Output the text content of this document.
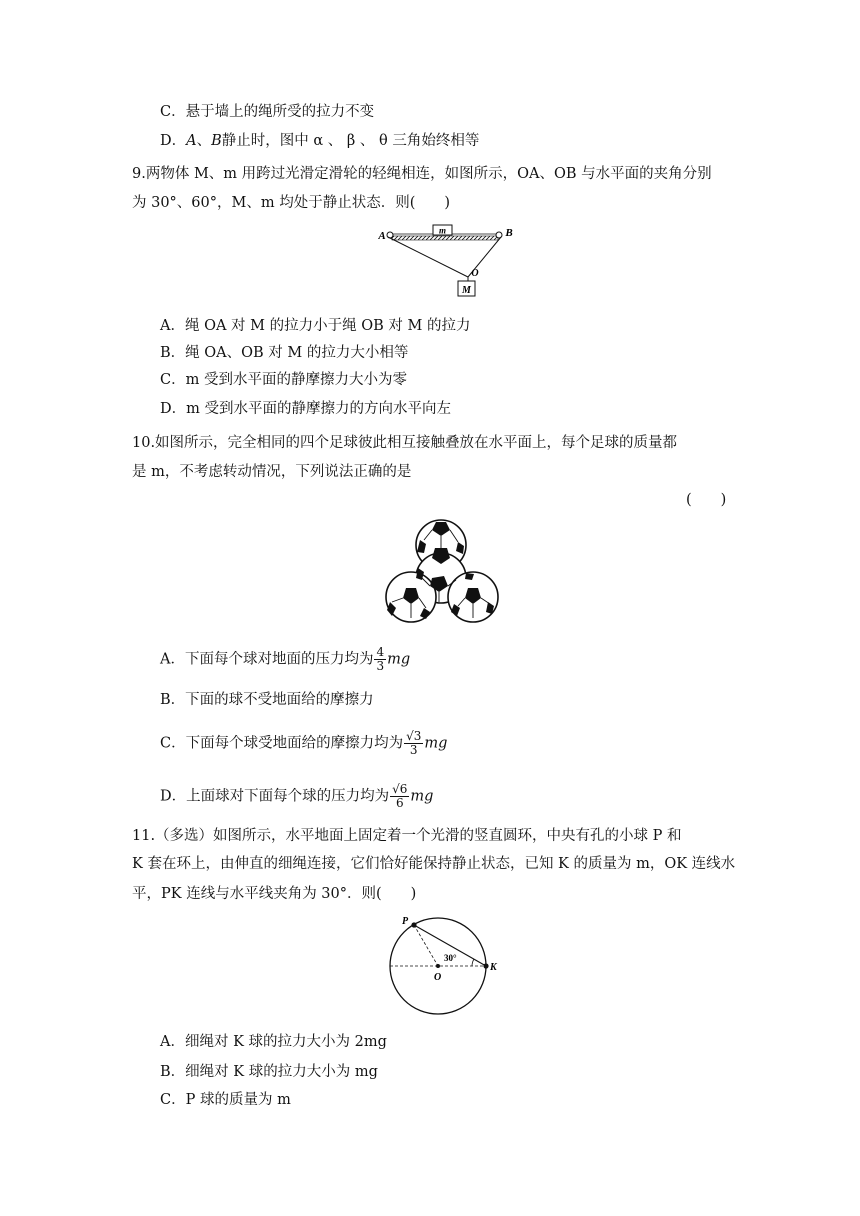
C．悬于墙上的绳所受的拉力不变
D．A、B静止时，图中 α 、 β 、 θ 三角始终相等
9.两物体 M、m 用跨过光滑定滑轮的轻绳相连，如图所示，OA、OB 与水平面的夹角分别
为 30°、60°，M、m 均处于静止状态．则(　　)
m
M
A	B
O
A．绳 OA 对 M 的拉力小于绳 OB 对 M 的拉力
B．绳 OA、OB 对 M 的拉力大小相等
C．m 受到水平面的静摩擦力大小为零
D．m 受到水平面的静摩擦力的方向水平向左
10.如图所示，完全相同的四个足球彼此相互接触叠放在水平面上，每个足球的质量都
是 m，不考虑转动情况，下列说法正确的是
(　　)
A．下面每个球对地面的压力均为 $\frac{4}{3}$ mg
B．下面的球不受地面给的摩擦力
C．下面每个球受地面给的摩擦力均为 $\frac{√3}{3}$ mg
D．上面球对下面每个球的压力均为 $\frac{√6}{6}$ mg
11.（多选）如图所示，水平地面上固定着一个光滑的竖直圆环，中央有孔的小球 P 和
K 套在环上，由伸直的细绳连接，它们恰好能保持静止状态，已知 K 的质量为 m，OK 连线水
平，PK 连线与水平线夹角为 30°．则(　　)
P
K
O
30°
A．细绳对 K 球的拉力大小为 2mg
B．细绳对 K 球的拉力大小为 mg
C．P 球的质量为 m
